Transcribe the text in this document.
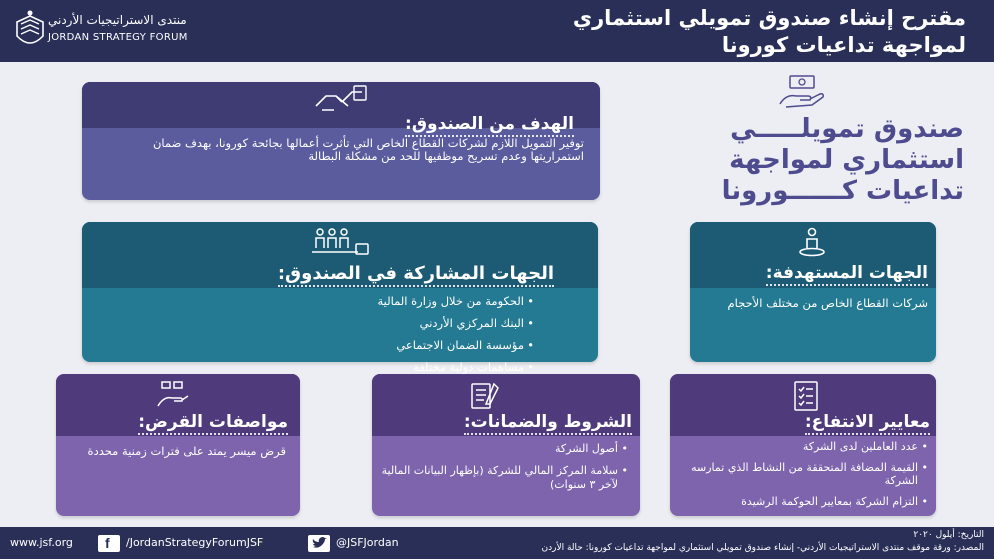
مقترح إنشاء صندوق تمويلي استثماري
لمواجهة تداعيات كورونا
منتدى الاستراتيجيات الأردني
JORDAN STRATEGY FORUM
صندوق تمويلـــــي
استثماري لمواجهة
تداعيات كــــــورونا
الهدف من الصندوق:
توفير التمويل اللازم لشركات القطاع الخاص التي تأثرت أعمالها بجائحة كورونا، بهدف ضمان استمراريتها وعدم تسريح موظفيها للحد من مشكلة البطالة
الجهات المشاركة في الصندوق:
• الحكومة من خلال وزارة المالية
• البنك المركزي الأردني
• مؤسسة الضمان الاجتماعي
• مساهمات دولية مختلفة
الجهات المستهدفة:
شركات القطاع الخاص من مختلف الأحجام
مواصفات القرض:
قرض ميسر يمتد على فترات زمنية محددة
الشروط والضمانات:
• أصول الشركة
• سلامة المركز المالي للشركة (بإظهار البيانات المالية لآخر ٣ سنوات)
معايير الانتفاع:
• عدد العاملين لدى الشركة
• القيمة المضافة المتحققة من النشاط الذي تمارسه الشركة
• التزام الشركة بمعايير الحوكمة الرشيدة
www.jsf.org f /JordanStrategyForumJSF	@JSFJordan
التاريخ: أيلول ٢٠٢٠
المصدر: ورقة موقف منتدى الاستراتيجيات الأردني- إنشاء صندوق تمويلي استثماري لمواجهة تداعيات كورونا: حالة الأردن
